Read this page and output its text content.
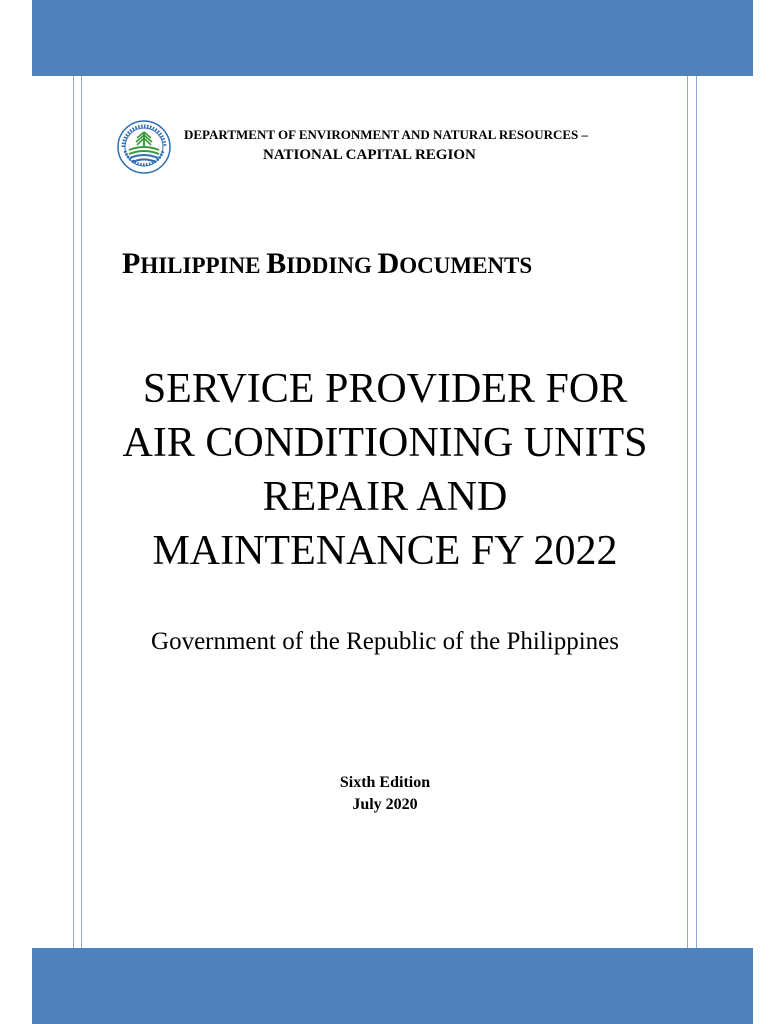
DEPARTMENT OF ENVIRONMENT AND NATURAL RESOURCES –
NATIONAL CAPITAL REGION
PHILIPPINE BIDDING DOCUMENTS
SERVICE PROVIDER FOR
AIR CONDITIONING UNITS
REPAIR AND
MAINTENANCE FY 2022
Government of the Republic of the Philippines
Sixth Edition
July 2020
